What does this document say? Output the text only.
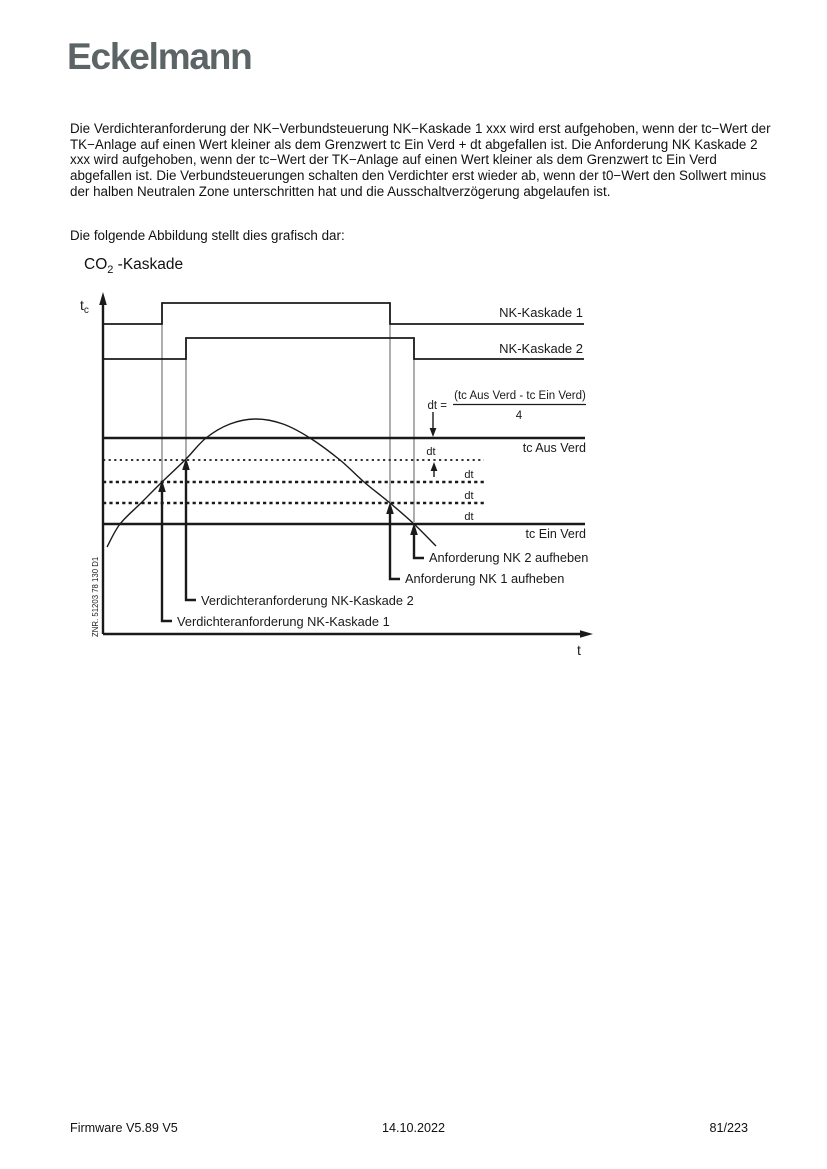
Eckelmann
Die Verdichteranforderung der NK−Verbundsteuerung NK−Kaskade 1 xxx wird erst aufgehoben, wenn der tc−Wert der TK−Anlage auf einen Wert kleiner als dem Grenzwert tc Ein Verd + dt abgefallen ist. Die Anforderung NK Kaskade 2 xxx wird aufgehoben, wenn der tc−Wert der TK−Anlage auf einen Wert kleiner als dem Grenzwert tc Ein Verd abgefallen ist. Die Verbundsteuerungen schalten den Verdichter erst wieder ab, wenn der t0−Wert den Sollwert minus der halben Neutralen Zone unterschritten hat und die Ausschaltverzögerung abgelaufen ist.
Die folgende Abbildung stellt dies grafisch dar:
$CO_2$ -Kaskade
$t_c$
t
NK-Kaskade 1
NK-Kaskade 2
tc Aus Verd
tc Ein Verd
dt =
(tc Aus Verd - tc Ein Verd)
4
dt
dt
dt
dt
Anforderung NK 2 aufheben
Anforderung NK 1 aufheben
Verdichteranforderung NK-Kaskade 2
Verdichteranforderung NK-Kaskade 1
ZNR. 51203 78 130 D1
Firmware V5.89 V5	14.10.2022	81/223
